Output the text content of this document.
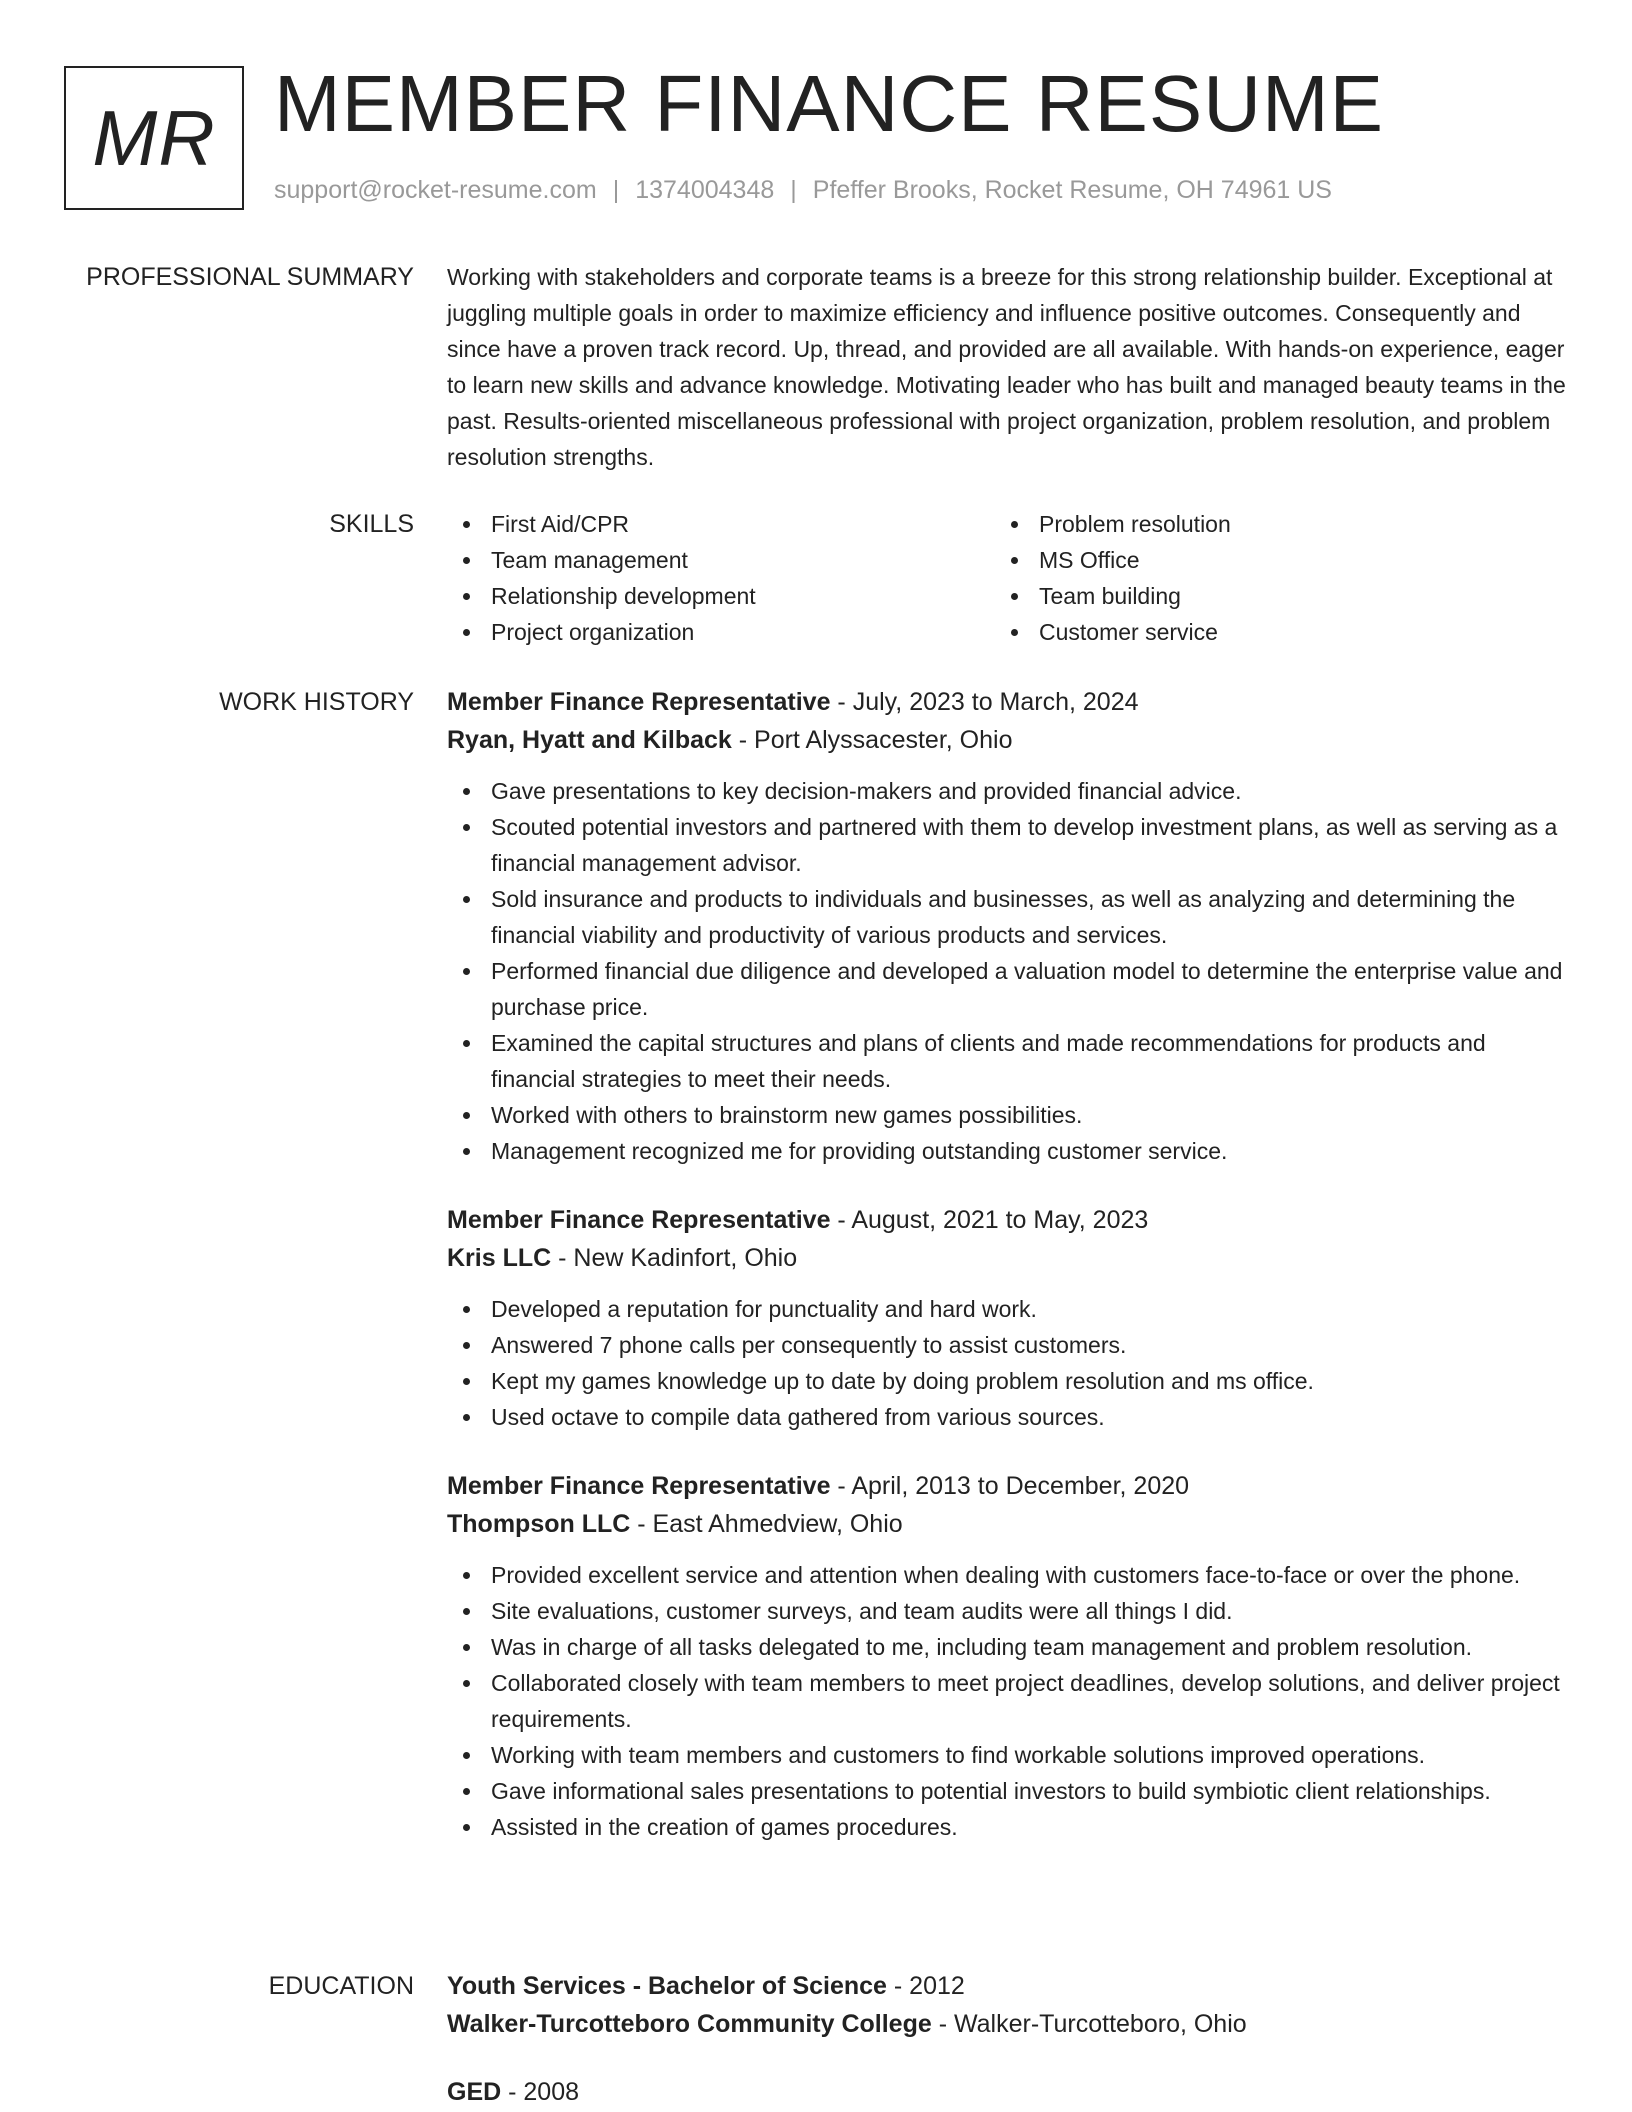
MR MEMBER FINANCE RESUME
support@rocket-resume.com | 1374004348 | Pfeffer Brooks, Rocket Resume, OH 74961 US
PROFESSIONAL SUMMARY Working with stakeholders and corporate teams is a breeze for this strong relationship builder. Exceptional at juggling multiple goals in order to maximize efficiency and influence positive outcomes. Consequently and since have a proven track record. Up, thread, and provided are all available. With hands-on experience, eager to learn new skills and advance knowledge. Motivating leader who has built and managed beauty teams in the past. Results-oriented miscellaneous professional with project organization, problem resolution, and problem resolution strengths.
SKILLS	First Aid/CPR
Team management
Relationship development
Project organization
Problem resolution
MS Office
Team building
Customer service
WORK HISTORY Member Finance Representative - July, 2023 to March, 2024
Ryan, Hyatt and Kilback - Port Alyssacester, Ohio
Gave presentations to key decision-makers and provided financial advice.
Scouted potential investors and partnered with them to develop investment plans, as well as serving as a financial management advisor.
Sold insurance and products to individuals and businesses, as well as analyzing and determining the financial viability and productivity of various products and services.
Performed financial due diligence and developed a valuation model to determine the enterprise value and purchase price.
Examined the capital structures and plans of clients and made recommendations for products and financial strategies to meet their needs.
Worked with others to brainstorm new games possibilities.
Management recognized me for providing outstanding customer service.
Member Finance Representative - August, 2021 to May, 2023
Kris LLC - New Kadinfort, Ohio
Developed a reputation for punctuality and hard work.
Answered 7 phone calls per consequently to assist customers.
Kept my games knowledge up to date by doing problem resolution and ms office.
Used octave to compile data gathered from various sources.
Member Finance Representative - April, 2013 to December, 2020
Thompson LLC - East Ahmedview, Ohio
Provided excellent service and attention when dealing with customers face-to-face or over the phone.
Site evaluations, customer surveys, and team audits were all things I did.
Was in charge of all tasks delegated to me, including team management and problem resolution.
Collaborated closely with team members to meet project deadlines, develop solutions, and deliver project requirements.
Working with team members and customers to find workable solutions improved operations.
Gave informational sales presentations to potential investors to build symbiotic client relationships.
Assisted in the creation of games procedures.
EDUCATION Youth Services - Bachelor of Science - 2012
Walker-Turcotteboro Community College - Walker-Turcotteboro, Ohio
GED - 2008
